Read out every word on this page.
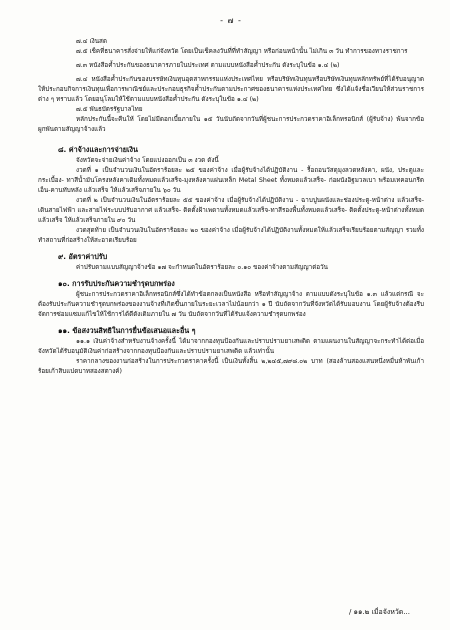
- ๗ -

๗.๔ เงินสด

๗.๕ เช็คที่ธนาคารสั่งจ่ายให้แก่จังหวัด โดยเป็นเช็คลงวันที่ที่ทำสัญญา หรือก่อนหน้านั้น ไม่เกิน ๓ วัน ทำการของทางราชการ

๗.๓ หนังสือค้ำประกันของธนาคารภายในประเทศ ตามแบบหนังสือค้ำประกัน ดังระบุในข้อ ๑.๔ (๒)

๗.๔ หนังสือค้ำประกันของบรรษัทเงินทุนอุตสาหกรรมแห่งประเทศไทย หรือบริษัทเงินทุนหรือบริษัทเงินทุนหลักทรัพย์ที่ได้รับอนุญาตให้ประกอบกิจการเงินทุนเพื่อการพาณิชย์และประกอบธุรกิจค้ำประกันตามประกาศของธนาคารแห่งประเทศไทย ซึ่งได้แจ้งชื่อเวียนให้ส่วนราชการต่าง ๆ ทราบแล้ว โดยอนุโลมให้ใช้ตามแบบหนังสือค้ำประกัน ดังระบุในข้อ ๑.๔ (๒)

๗.๕ พันธบัตรรัฐบาลไทย

หลักประกันนี้จะคืนให้ โดยไม่มีดอกเบี้ยภายใน ๑๕ วันนับถัดจากวันที่ผู้ชนะการประกวดราคาอิเล็กทรอนิกส์ (ผู้รับจ้าง) พ้นจากข้อผูกพันตามสัญญาจ้างแล้ว

๘. ค่าจ้างและการจ่ายเงิน

จังหวัดจะจ่ายเงินค่าจ้าง โดยแบ่งออกเป็น ๓ งวด ดังนี้

งวดที่ ๑ เป็นจำนวนเงินในอัตราร้อยละ ๒๕ ของค่าจ้าง เมื่อผู้รับจ้างได้ปฏิบัติงาน - รื้อถอนวัสดุมุงลวดหลังคา, ผนัง, ประตูและกระเบื้อง- ทาสีน้ำมันโครงหลังคาเดิมทั้งหมดแล้วเสร็จ-มุงหลังคาแผ่นเหล็ก Metal Sheet ทั้งหมดแล้วเสร็จ- ก่อผนังอิฐมวลเบา พร้อมเทคอนกรีตเอ็น-คานทับหลัง แล้วเสร็จ ให้แล้วเสร็จภายใน ๖๐ วัน

งวดที่ ๒ เป็นจำนวนเงินในอัตราร้อยละ ๕๕ ของค่าจ้าง เมื่อผู้รับจ้างได้ปฏิบัติงาน - ฉาบปูนผนังและช่องประตู-หน้าต่าง แล้วเสร็จ- เดินสายไฟฟ้า และสายไฟระบบปรับอากาศ แล้วเสร็จ- ติดตั้งฝ้าเพดานทั้งหมดแล้วเสร็จ-ทาสีรองพื้นทั้งหมดแล้วเสร็จ- ติดตั้งประตู-หน้าต่างทั้งหมดแล้วเสร็จ ให้แล้วเสร็จภายใน ๙๐ วัน

งวดสุดท้าย เป็นจำนวนเงินในอัตราร้อยละ ๒๐ ของค่าจ้าง เมื่อผู้รับจ้างได้ปฏิบัติงานทั้งหมดให้แล้วเสร็จเรียบร้อยตามสัญญา รวมทั้งทำสถานที่ก่อสร้างให้สะอาดเรียบร้อย

๙. อัตราค่าปรับ

ค่าปรับตามแบบสัญญาจ้างข้อ ๑๗ จะกำหนดในอัตราร้อยละ ๐.๑๐ ของค่าจ้างตามสัญญาต่อวัน

๑๐. การรับประกันความชำรุดบกพร่อง

ผู้ชนะการประกวดราคาอิเล็กทรอนิกส์ซึ่งได้ทำข้อตกลงเป็นหนังสือ หรือทำสัญญาจ้าง ตามแบบดังระบุในข้อ ๑.๓ แล้วแต่กรณี จะต้องรับประกันความชำรุดบกพร่องของงานจ้างที่เกิดขึ้นภายในระยะเวลาไม่น้อยกว่า ๑ ปี นับถัดจากวันที่จังหวัดได้รับมอบงาน โดยผู้รับจ้างต้องรีบจัดการซ่อมแซมแก้ไขให้ใช้การได้ดีดังเดิมภายใน ๗ วัน นับถัดจากวันที่ได้รับแจ้งความชำรุดบกพร่อง

๑๑. ข้อสงวนสิทธิในการยื่นข้อเสนอและอื่น ๆ

๑๑.๑ เงินค่าจ้างสำหรับงานจ้างครั้งนี้ ได้มาจากกองทุนป้องกันและปราบปรามยาเสพติด ตามแผนงานในสัญญาจะกระทำได้ต่อเมื่อ จังหวัดได้รับอนุมัติเงินค่าก่อสร้างจากกองทุนป้องกันและปราบปรามยาเสพติด แล้วเท่านั้น

ราคากลางของงานก่อสร้างในการประกวดราคาครั้งนี้ เป็นเงินทั้งสิ้น ๒,๒๔๕,๗๙๘.๐๒ บาท (สองล้านสองแสนหนึ่งหมื่นห้าพันเก้าร้อยเก้าสิบแปดบาทสองสตางค์)

/ ๑๑.๒ เมื่อจังหวัด...
